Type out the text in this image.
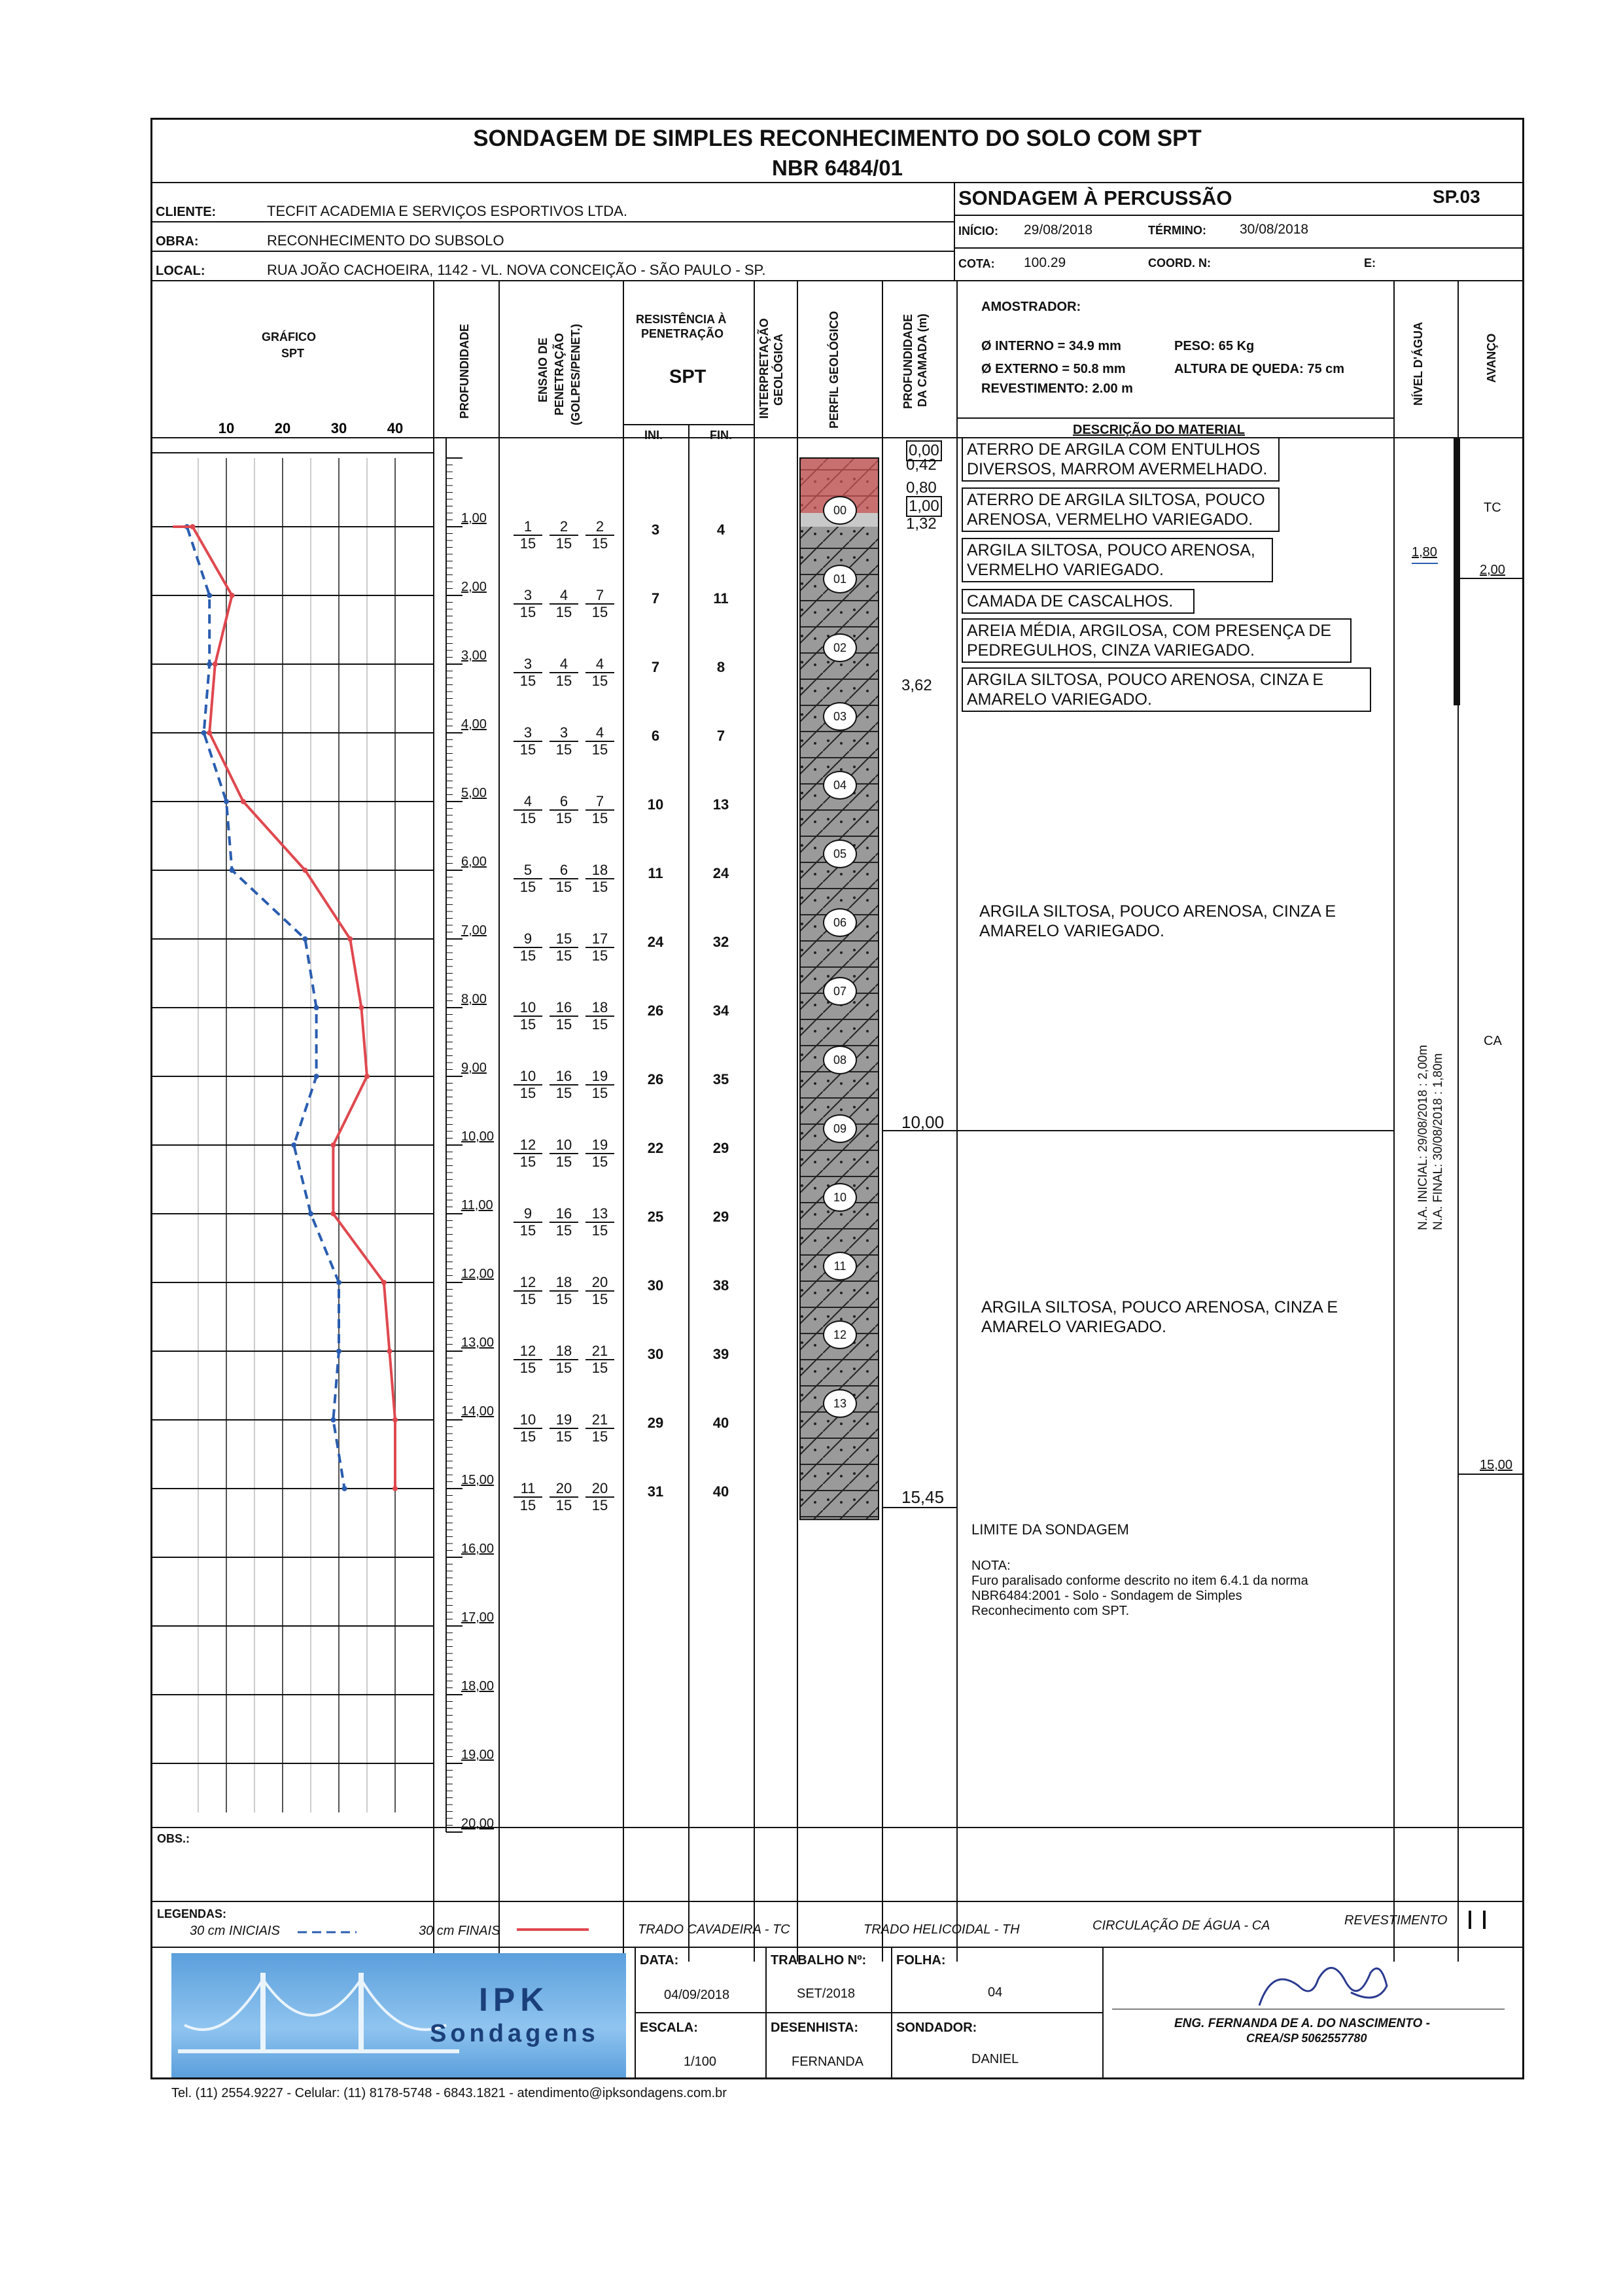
SONDAGEM DE SIMPLES RECONHECIMENTO DO SOLO COM SPT
NBR 6484/01
CLIENTE:	TECFIT ACADEMIA E SERVIÇOS ESPORTIVOS LTDA.
OBRA:	RECONHECIMENTO DO SUBSOLO
LOCAL:	RUA JOÃO CACHOEIRA, 1142 - VL. NOVA CONCEIÇÃO - SÃO PAULO - SP.
SONDAGEM À PERCUSSÃO	SP.03
INÍCIO: 29/08/2018	TÉRMINO: 30/08/2018
COTA: 100.29	COORD. N:	E:
GRÁFICO
SPT	PROFUNDIDADE	ENSAIO DE PENETRAÇÃO (GOLPES/PENET.)
RESISTÊNCIA À
PENETRAÇÃO
SPT
INI.	FIN.
INTERPRETAÇÃO GEOLÓGICA	PERFIL GEOLÓGICO	PROFUNDIDADE DA CAMADA (m)
AMOSTRADOR:
Ø INTERNO = 34.9 mm	PESO: 65 Kg
Ø EXTERNO = 50.8 mm	ALTURA DE QUEDA: 75 cm
REVESTIMENTO: 2.00 m
DESCRIÇÃO DO MATERIAL
NÍVEL D'ÁGUA	AVANÇO
10	20	30	40
1,00
2,00
3,00
4,00
5,00
6,00
7,00
8,00
9,00
10,00
11,00
12,00
13,00
14,00
15,00
16,00
17,00
18,00
19,00
20,00
$\frac{1}{15} \frac{2}{15} \frac{2}{15}$	3	4
$\frac{3}{15} \frac{4}{15} \frac{7}{15}$	7	11
$\frac{3}{15} \frac{4}{15} \frac{4}{15}$	7	8
$\frac{3}{15} \frac{3}{15} \frac{4}{15}$	6	7
$\frac{4}{15} \frac{6}{15} \frac{7}{15}$	10	13
$\frac{5}{15} \frac{6}{15} \frac{18}{15}$	11	24
$\frac{9}{15} \frac{15}{15} \frac{17}{15}$	24	32
$\frac{10}{15} \frac{16}{15} \frac{18}{15}$	26	34
$\frac{10}{15} \frac{16}{15} \frac{19}{15}$	26	35
$\frac{12}{15} \frac{10}{15} \frac{19}{15}$	22	29
$\frac{9}{15} \frac{16}{15} \frac{13}{15}$	25	29
$\frac{12}{15} \frac{18}{15} \frac{20}{15}$	30	38
$\frac{12}{15} \frac{18}{15} \frac{21}{15}$	30	39
$\frac{10}{15} \frac{19}{15} \frac{21}{15}$	29	40
$\frac{11}{15} \frac{20}{15} \frac{20}{15}$	31	40
0,00
0,42
0,80
1,00
1,32
3,62
10,00
15,45
ATERRO DE ARGILA COM ENTULHOS DIVERSOS, MARROM AVERMELHADO.
ATERRO DE ARGILA SILTOSA, POUCO ARENOSA, VERMELHO VARIEGADO.
ARGILA SILTOSA, POUCO ARENOSA, VERMELHO VARIEGADO.
CAMADA DE CASCALHOS.
AREIA MÉDIA, ARGILOSA, COM PRESENÇA DE PEDREGULHOS, CINZA VARIEGADO.
ARGILA SILTOSA, POUCO ARENOSA, CINZA E AMARELO VARIEGADO.
ARGILA SILTOSA, POUCO ARENOSA, CINZA E AMARELO VARIEGADO.
ARGILA SILTOSA, POUCO ARENOSA, CINZA E AMARELO VARIEGADO.
LIMITE DA SONDAGEM
NOTA:
Furo paralisado conforme descrito no item 6.4.1 da norma
NBR6484:2001 - Solo - Sondagem de Simples
Reconhecimento com SPT.
1,80
N.A. INICIAL: 29/08/2018 : 2,00m N.A. FINAL: 30/08/2018 : 1,80m
TC
2,00
CA
15,00
OBS.:
LEGENDAS:
30 cm INICIAIS	30 cm FINAIS	TRADO CAVADEIRA - TC	TRADO HELICOIDAL - TH	CIRCULAÇÃO DE ÁGUA - CA	REVESTIMENTO
IPK
Sondagens
DATA:
04/09/2018
TRABALHO Nº:
SET/2018
FOLHA:
04
ESCALA:
1/100
DESENHISTA:
FERNANDA
SONDADOR:
DANIEL
ENG. FERNANDA DE A. DO NASCIMENTO -
CREA/SP 5062557780
Tel. (11) 2554.9227 - Celular: (11) 8178-5748 - 6843.1821 - atendimento@ipksondagens.com.br
00
01
02
03
04
05
06
07
08
09
10
11
12
13
